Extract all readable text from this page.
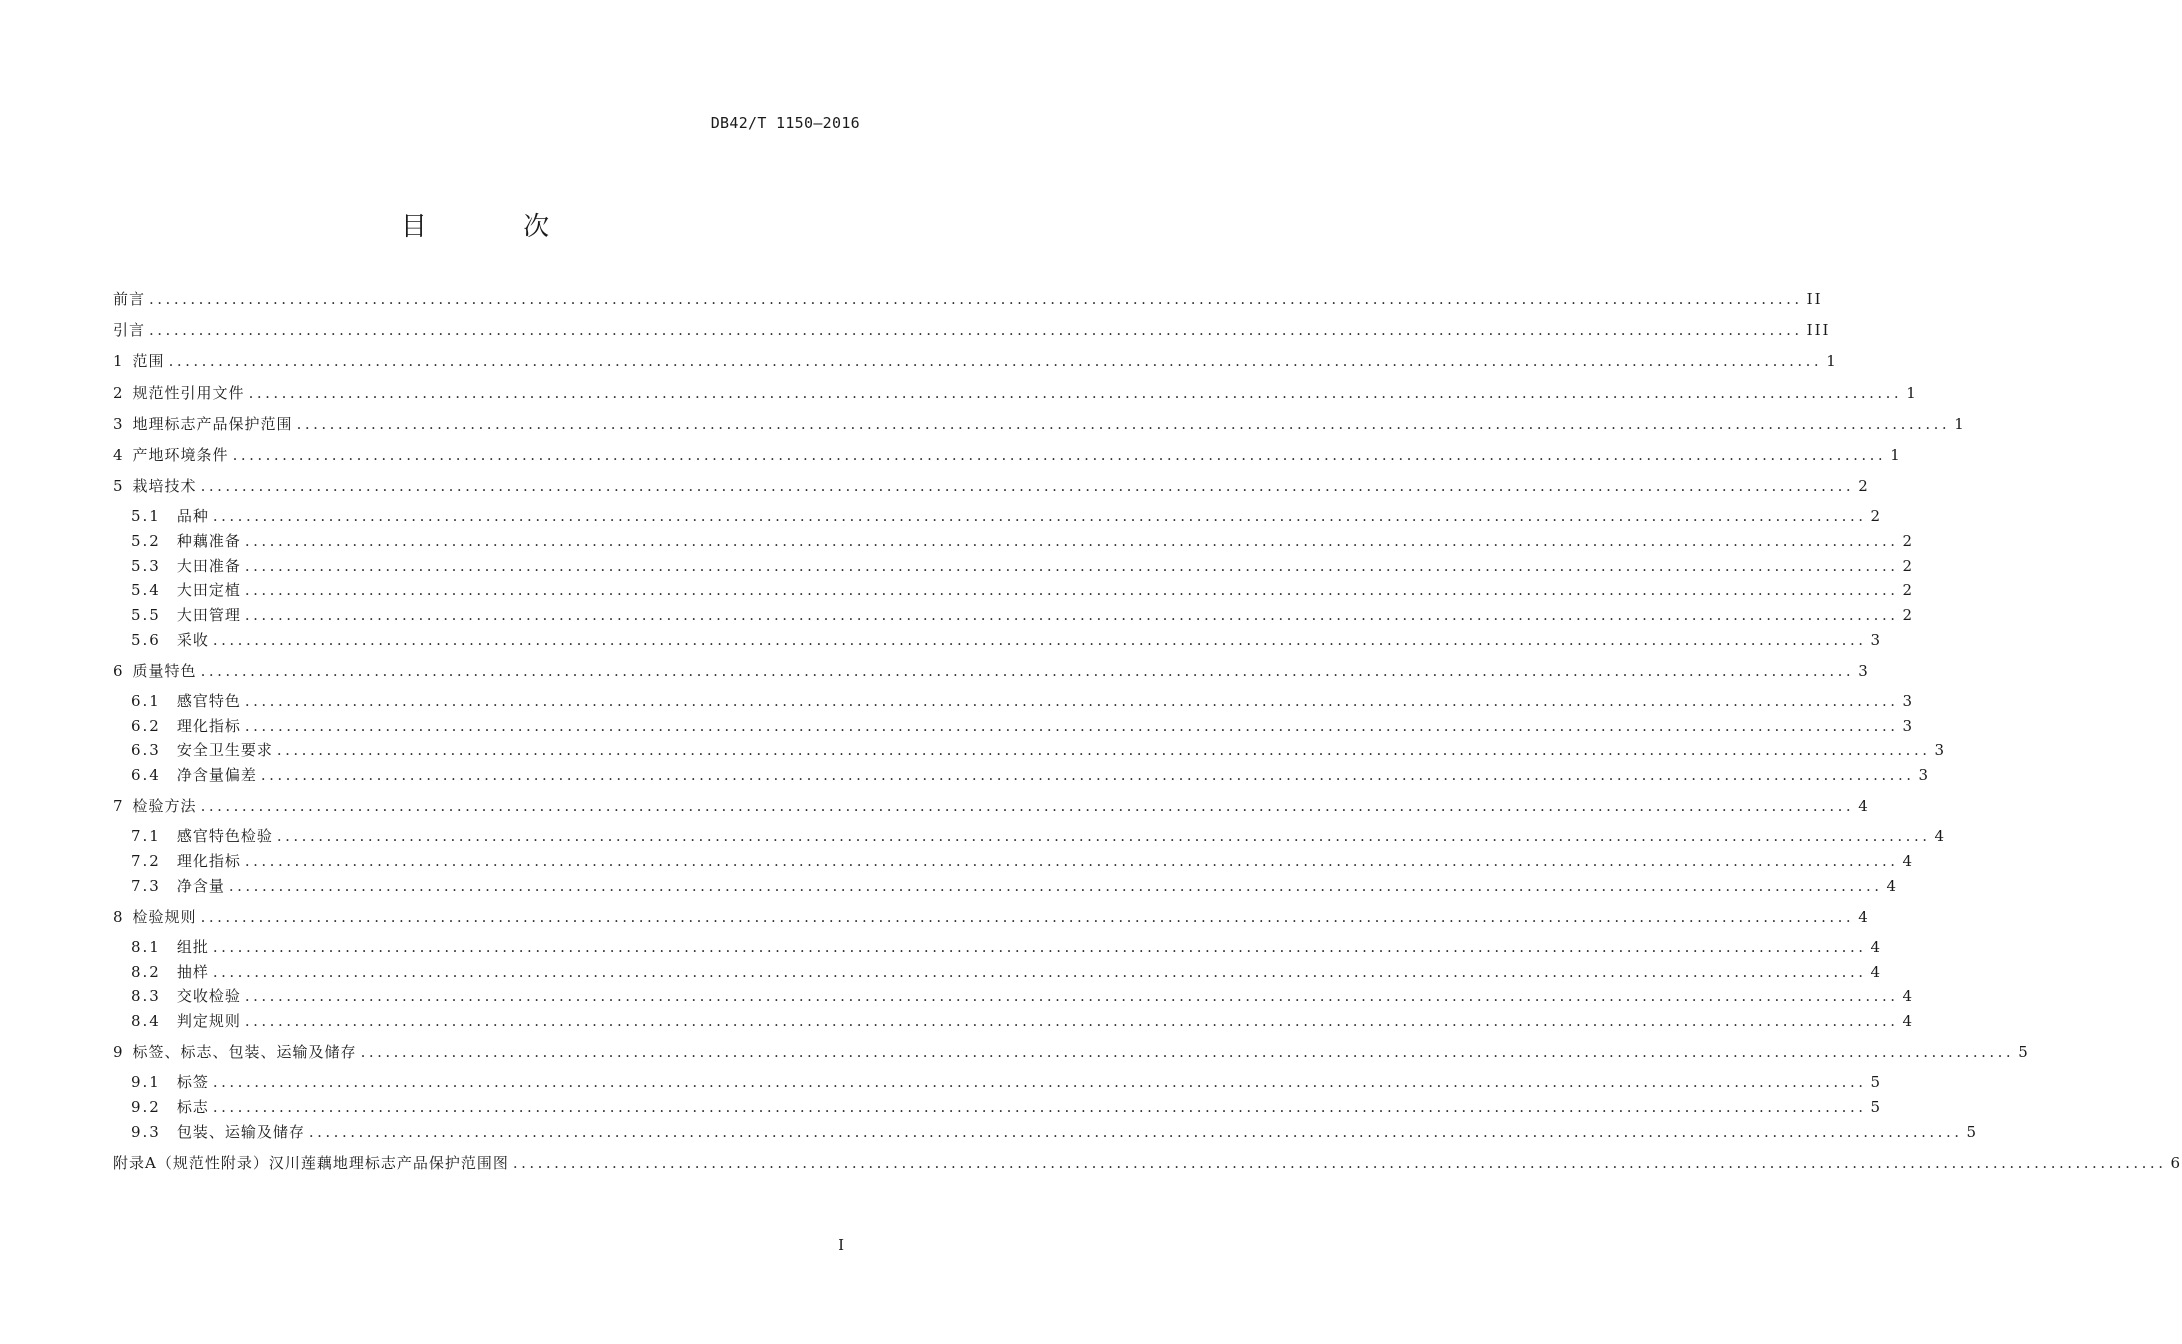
DB42/T 1150—2016
目 次
前言 ........................................................................................................................................................................................................ II
引言 ........................................................................................................................................................................................................ III
1 范围 ........................................................................................................................................................................................................ 1
2 规范性引用文件 ........................................................................................................................................................................................................ 1
3 地理标志产品保护范围 ........................................................................................................................................................................................................ 1
4 产地环境条件 ........................................................................................................................................................................................................ 1
5 栽培技术 ........................................................................................................................................................................................................ 2
5.1 品种 ........................................................................................................................................................................................................ 2
5.2 种藕准备 ........................................................................................................................................................................................................ 2
5.3 大田准备 ........................................................................................................................................................................................................ 2
5.4 大田定植 ........................................................................................................................................................................................................ 2
5.5 大田管理 ........................................................................................................................................................................................................ 2
5.6 采收 ........................................................................................................................................................................................................ 3
6 质量特色 ........................................................................................................................................................................................................ 3
6.1 感官特色 ........................................................................................................................................................................................................ 3
6.2 理化指标 ........................................................................................................................................................................................................ 3
6.3 安全卫生要求 ........................................................................................................................................................................................................ 3
6.4 净含量偏差 ........................................................................................................................................................................................................ 3
7 检验方法 ........................................................................................................................................................................................................ 4
7.1 感官特色检验 ........................................................................................................................................................................................................ 4
7.2 理化指标 ........................................................................................................................................................................................................ 4
7.3 净含量 ........................................................................................................................................................................................................ 4
8 检验规则 ........................................................................................................................................................................................................ 4
8.1 组批 ........................................................................................................................................................................................................ 4
8.2 抽样 ........................................................................................................................................................................................................ 4
8.3 交收检验 ........................................................................................................................................................................................................ 4
8.4 判定规则 ........................................................................................................................................................................................................ 4
9 标签、标志、包装、运输及储存 ........................................................................................................................................................................................................ 5
9.1 标签 ........................................................................................................................................................................................................ 5
9.2 标志 ........................................................................................................................................................................................................ 5
9.3 包装、运输及储存 ........................................................................................................................................................................................................ 5
附录A（规范性附录）汉川莲藕地理标志产品保护范围图 ........................................................................................................................................................................................................ 6
I
